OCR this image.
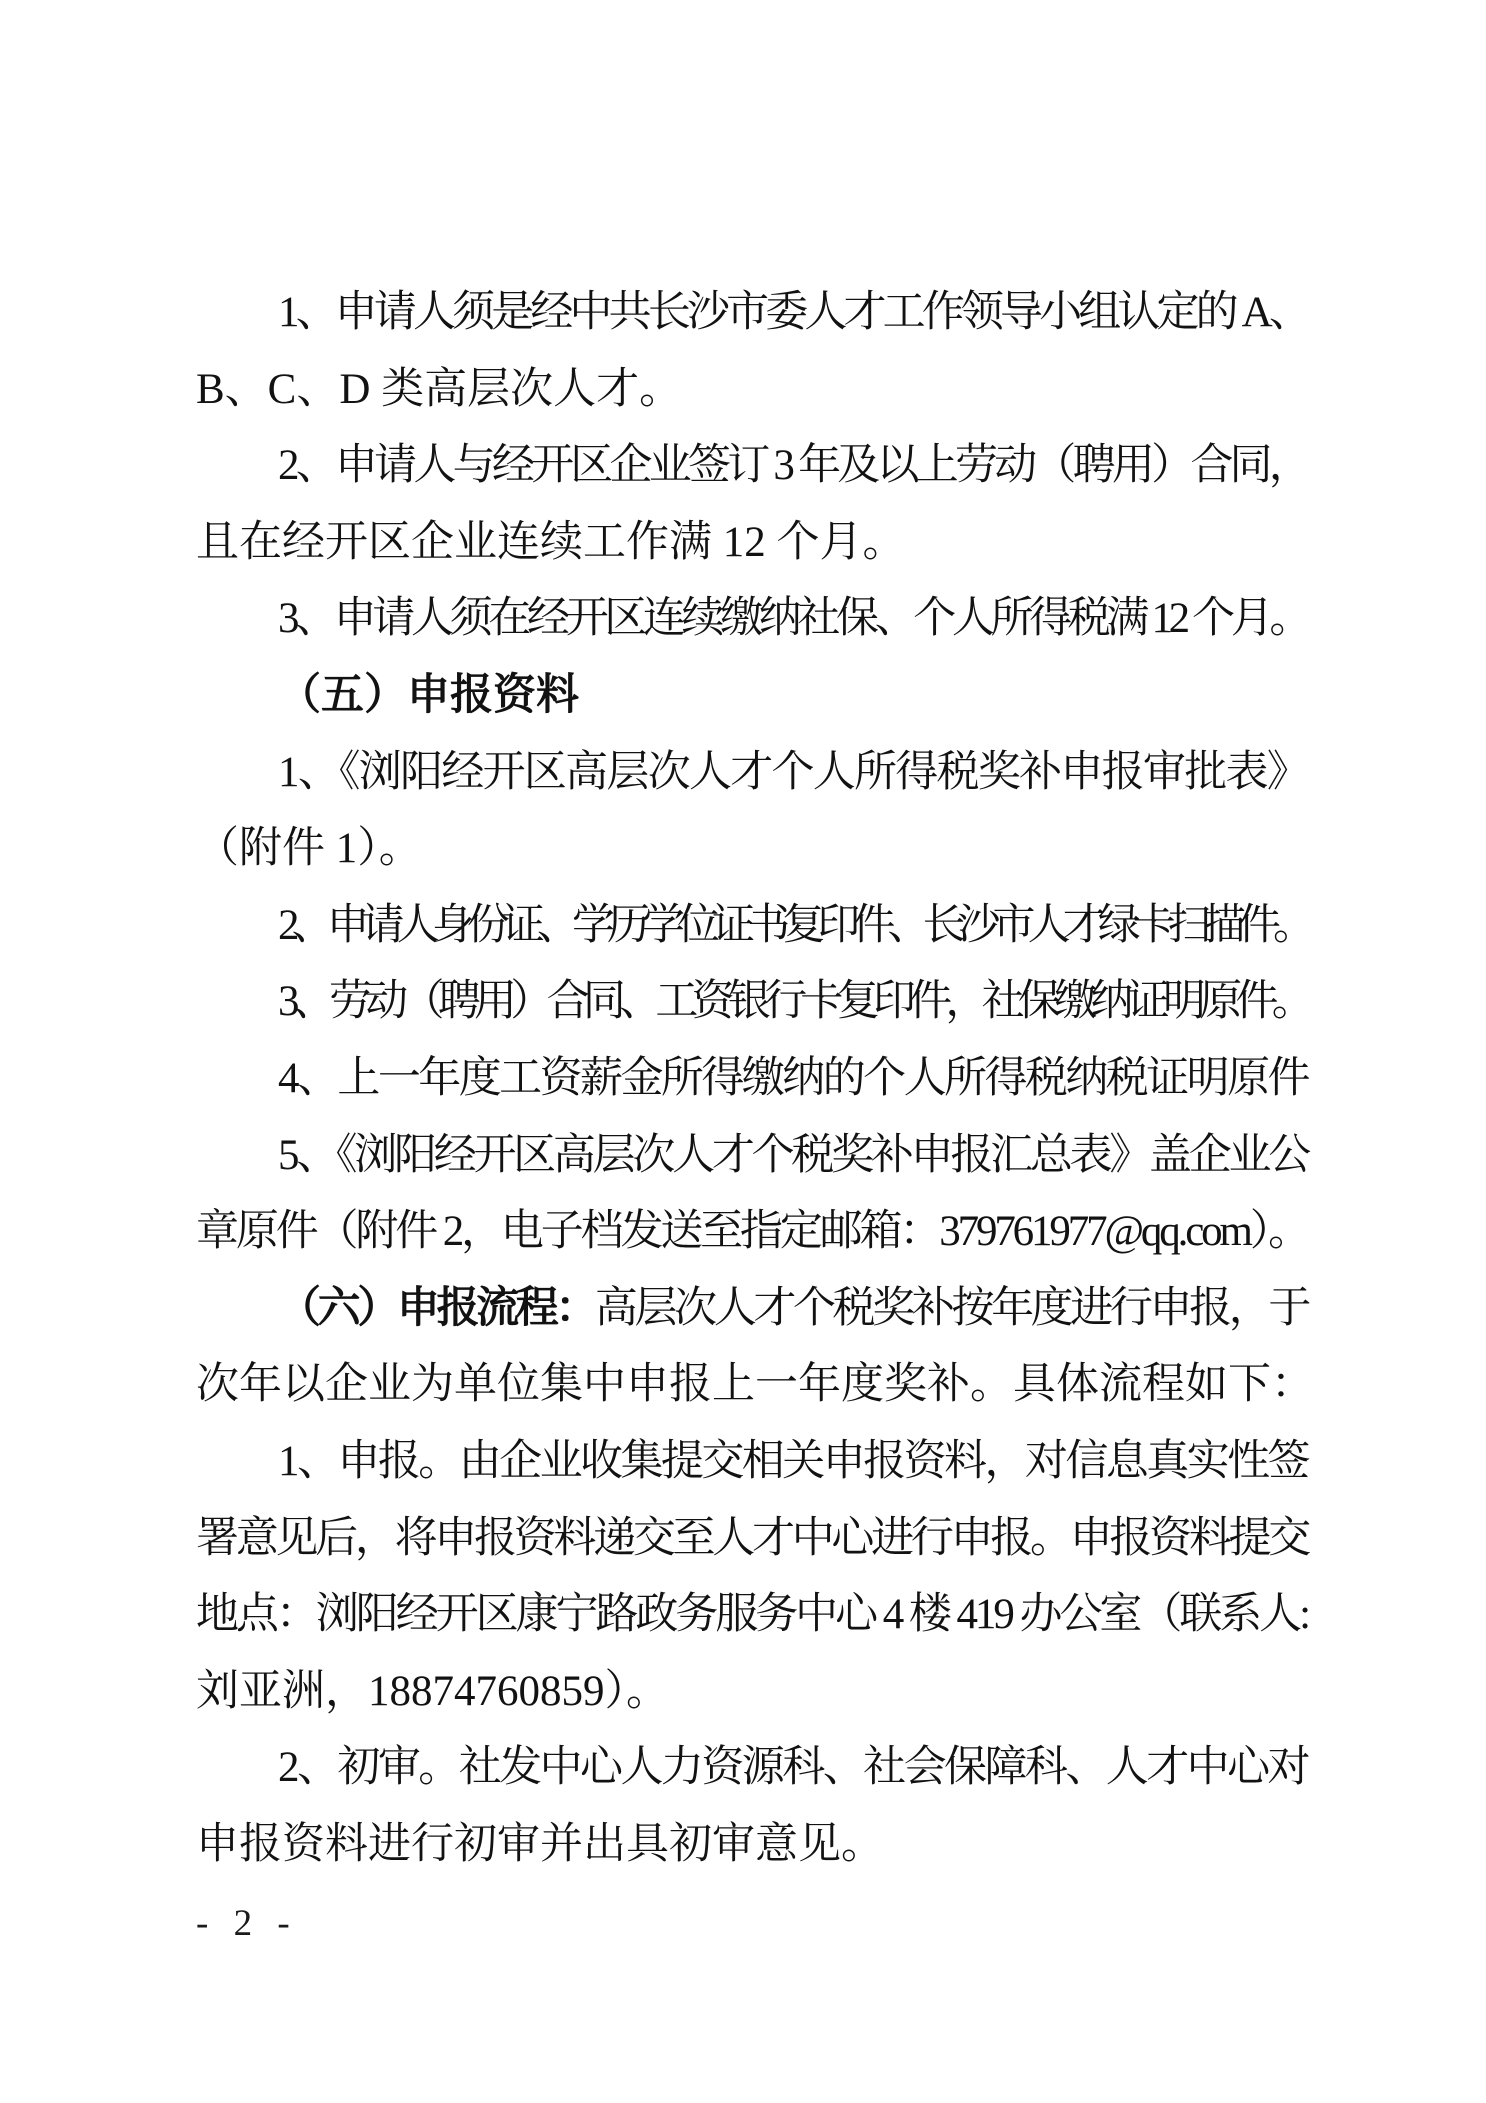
1、申请人须是经中共长沙市委人才工作领导小组认定的 A、

B、C、D 类高层次人才。

2、申请人与经开区企业签订 3 年及以上劳动（聘用）合同，

且在经开区企业连续工作满 12 个月。

3、申请人须在经开区连续缴纳社保、个人所得税满 12 个月。

（五）申报资料

1、《浏阳经开区高层次人才个人所得税奖补申报审批表》

（附件 1）。

2、申请人身份证、学历学位证书复印件、长沙市人才绿卡扫描件。

3、劳动（聘用）合同、工资银行卡复印件，社保缴纳证明原件。

4、上一年度工资薪金所得缴纳的个人所得税纳税证明原件

5、《浏阳经开区高层次人才个税奖补申报汇总表》盖企业公

章原件（附件 2，电子档发送至指定邮箱：379761977@qq.com）。

（六）申报流程：高层次人才个税奖补按年度进行申报，于

次年以企业为单位集中申报上一年度奖补。具体流程如下：

1、申报。由企业收集提交相关申报资料，对信息真实性签

署意见后，将申报资料递交至人才中心进行申报。申报资料提交

地点：浏阳经开区康宁路政务服务中心 4 楼 419 办公室（联系人:

刘亚洲，18874760859）。

2、初审。社发中心人力资源科、社会保障科、人才中心对

申报资料进行初审并出具初审意见。

- 2 -
